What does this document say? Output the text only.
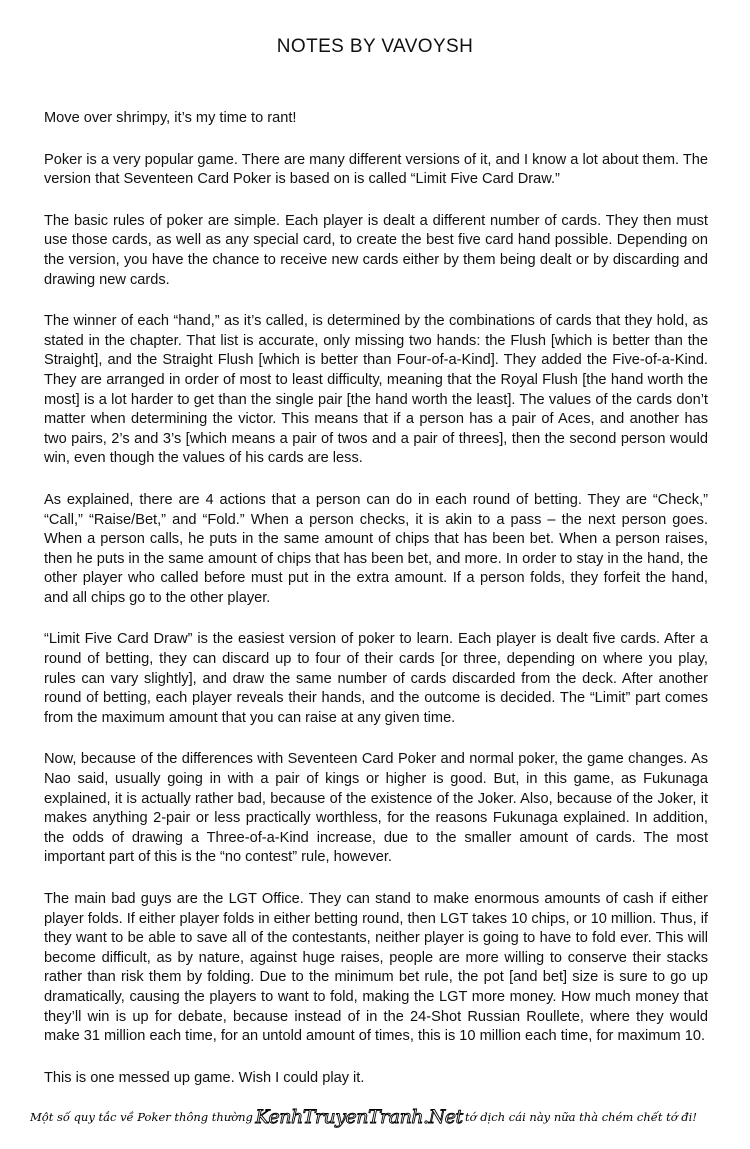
NOTES BY VAVOYSH

Move over shrimpy, it’s my time to rant!

Poker is a very popular game. There are many different versions of it, and I know a lot about them. The version that Seventeen Card Poker is based on is called “Limit Five Card Draw.”

The basic rules of poker are simple. Each player is dealt a different number of cards. They then must use those cards, as well as any special card, to create the best five card hand possible. Depending on the version, you have the chance to receive new cards either by them being dealt or by discarding and drawing new cards.

The winner of each “hand,” as it’s called, is determined by the combinations of cards that they hold, as stated in the chapter. That list is accurate, only missing two hands: the Flush [which is better than the Straight], and the Straight Flush [which is better than Four-of-a-Kind]. They added the Five-of-a-Kind. They are arranged in order of most to least difficulty, meaning that the Royal Flush [the hand worth the most] is a lot harder to get than the single pair [the hand worth the least]. The values of the cards don’t matter when determining the victor. This means that if a person has a pair of Aces, and another has two pairs, 2’s and 3’s [which means a pair of twos and a pair of threes], then the second person would win, even though the values of his cards are less.

As explained, there are 4 actions that a person can do in each round of betting. They are “Check,” “Call,” “Raise/Bet,” and “Fold.” When a person checks, it is akin to a pass – the next person goes. When a person calls, he puts in the same amount of chips that has been bet. When a person raises, then he puts in the same amount of chips that has been bet, and more. In order to stay in the hand, the other player who called before must put in the extra amount. If a person folds, they forfeit the hand, and all chips go to the other player.

“Limit Five Card Draw” is the easiest version of poker to learn. Each player is dealt five cards. After a round of betting, they can discard up to four of their cards [or three, depending on where you play, rules can vary slightly], and draw the same number of cards discarded from the deck. After another round of betting, each player reveals their hands, and the outcome is decided. The “Limit” part comes from the maximum amount that you can raise at any given time.

Now, because of the differences with Seventeen Card Poker and normal poker, the game changes. As Nao said, usually going in with a pair of kings or higher is good. But, in this game, as Fukunaga explained, it is actually rather bad, because of the existence of the Joker. Also, because of the Joker, it makes anything 2-pair or less practically worthless, for the reasons Fukunaga explained. In addition, the odds of drawing a Three-of-a-Kind increase, due to the smaller amount of cards. The most important part of this is the “no contest” rule, however.

The main bad guys are the LGT Office. They can stand to make enormous amounts of cash if either player folds. If either player folds in either betting round, then LGT takes 10 chips, or 10 million. Thus, if they want to be able to save all of the contestants, neither player is going to have to fold ever. This will become difficult, as by nature, against huge raises, people are more willing to conserve their stacks rather than risk them by folding. Due to the minimum bet rule, the pot [and bet] size is sure to go up dramatically, causing the players to want to fold, making the LGT more money. How much money that they’ll win is up for debate, because instead of in the 24-Shot Russian Roullete, where they would make 31 million each time, for an untold amount of times, this is 10 million each time, for maximum 10.

This is one messed up game. Wish I could play it.

Một số quy tắc về Poker thông thường KenhTruyenTranh.Net tớ dịch cái này nữa thà chém chết tớ đi!
